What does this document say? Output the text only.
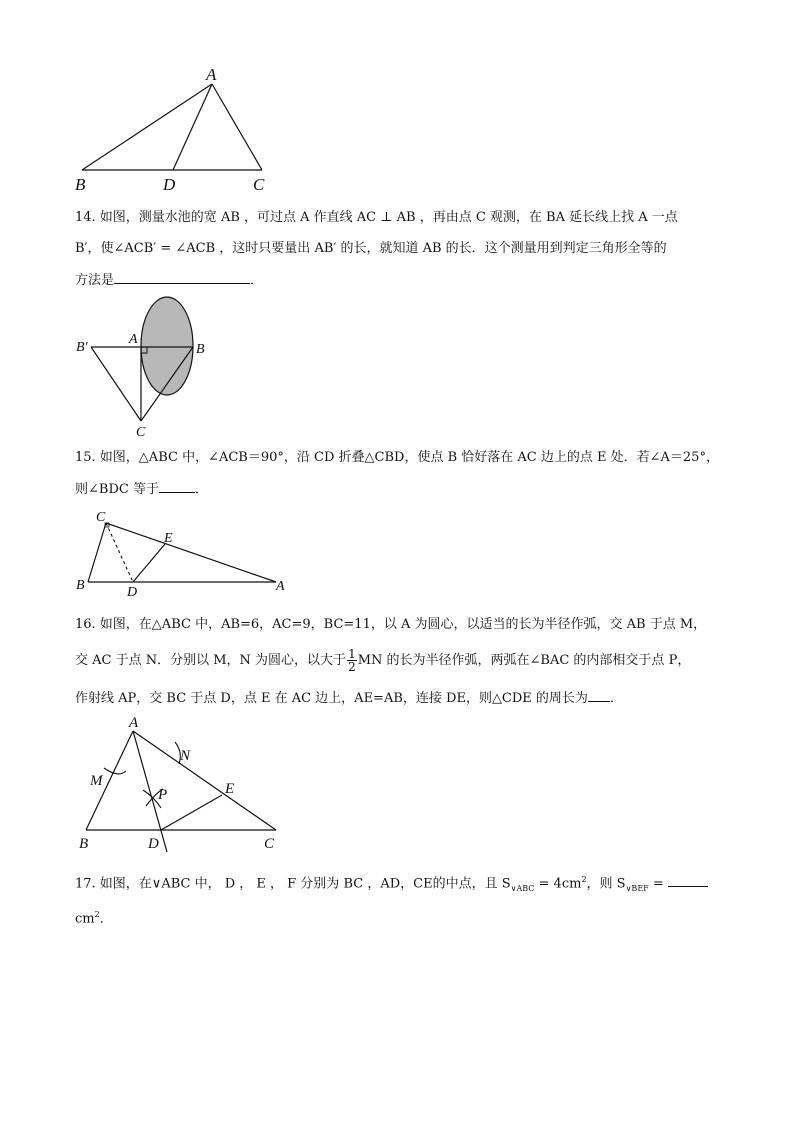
A
B	D	C
14. 如图，测量水池的宽 AB ，可过点 A 作直线 AC ⊥ AB ，再由点 C 观测，在 BA 延长线上找 A 一点
B′，使∠ACB′ = ∠ACB ，这时只要量出 AB′ 的长，就知道 AB 的长．这个测量用到判定三角形全等的
方法是	．
B′
A
B
C
15. 如图，△ABC 中，∠ACB＝90°，沿 CD 折叠△CBD，使点 B 恰好落在 AC 边上的点 E 处．若∠A＝25°，
则∠BDC 等于	．
C
E
B	D	A
16. 如图，在△ABC 中，AB=6，AC=9，BC=11，以 A 为圆心，以适当的长为半径作弧，交 AB 于点 M，
交 AC 于点 N．分别以 M，N 为圆心，以大于 $\frac{1}{2}$ MN 的长为半径作弧，两弧在∠BAC 的内部相交于点 P，
作射线 AP，交 BC 于点 D，点 E 在 AC 边上，AE=AB，连接 DE，则△CDE 的周长为 ．
A
N
M
P	E
B	D	C
17. 如图，在∨ABC 中， D ， E ， F 分别为 BC ，AD，CE的中点，且 $S_{\vee ABC} = 4cm^2$，则 $S_{\vee BEF}$ =
$cm^2$．
